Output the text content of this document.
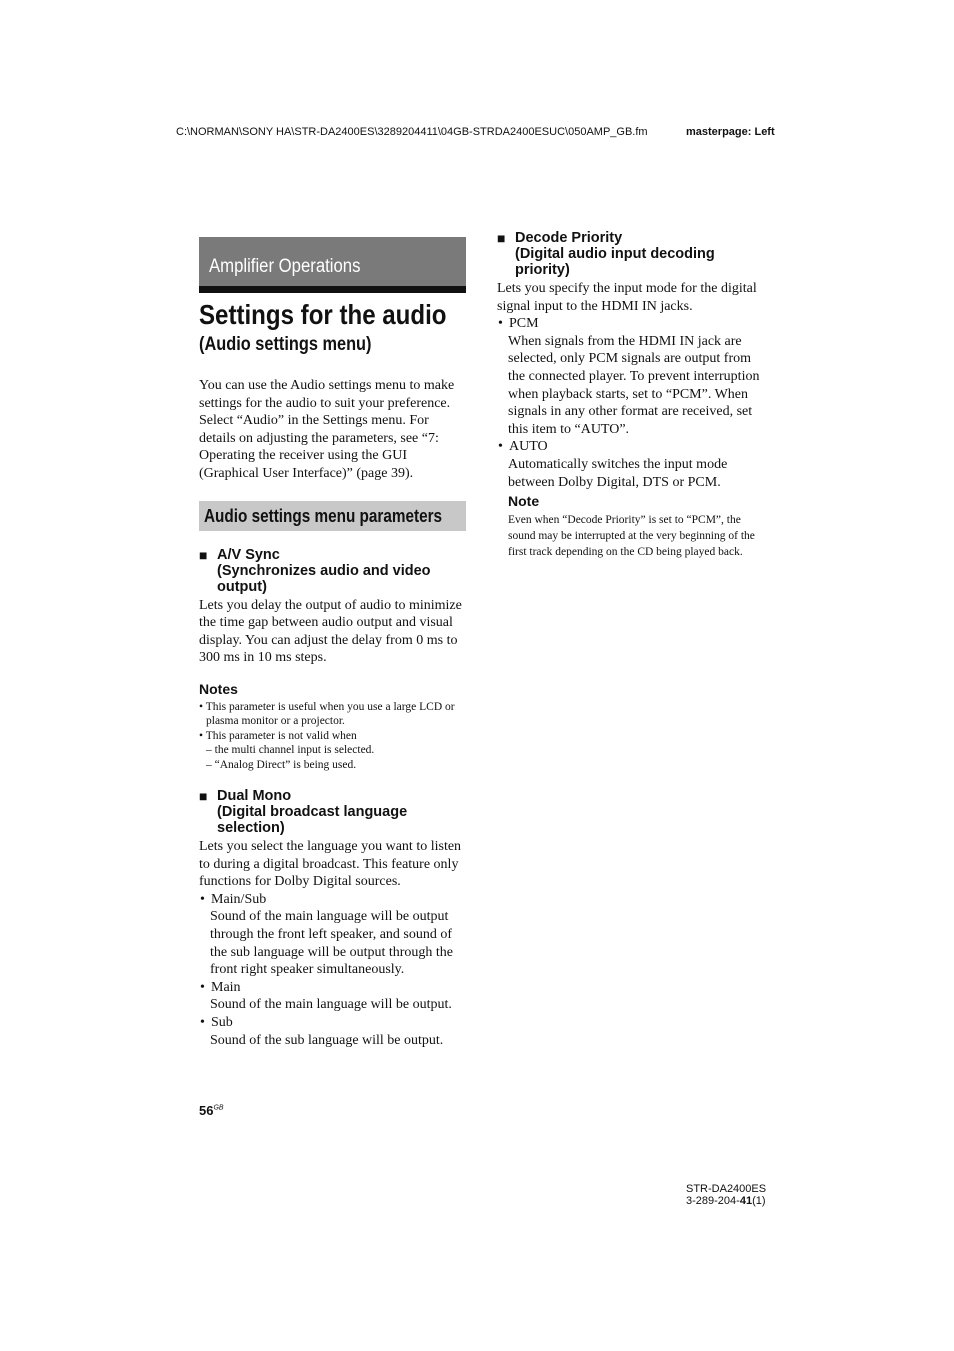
C:\NORMAN\SONY HA\STR-DA2400ES\3289204411\04GB-STRDA2400ESUC\050AMP_GB.fm	masterpage: Left
Amplifier Operations
Settings for the audio
(Audio settings menu)

You can use the Audio settings menu to make settings for the audio to suit your preference. Select “Audio” in the Settings menu. For details on adjusting the parameters, see “7: Operating the receiver using the GUI (Graphical User Interface)” (page 39).

Audio settings menu parameters
■ A/V Sync
(Synchronizes audio and video
output)

Lets you delay the output of audio to minimize the time gap between audio output and visual display. You can adjust the delay from 0 ms to 300 ms in 10 ms steps.

Notes

• This parameter is useful when you use a large LCD or plasma monitor or a projector.

• This parameter is not valid when

– the multi channel input is selected.

– “Analog Direct” is being used.

■ Dual Mono
(Digital broadcast language
selection)

Lets you select the language you want to listen to during a digital broadcast. This feature only functions for Dolby Digital sources.

• Main/Sub
Sound of the main language will be output through the front left speaker, and sound of the sub language will be output through the front right speaker simultaneously.
• Main
Sound of the main language will be output.
• Sub
Sound of the sub language will be output.
■ Decode Priority
(Digital audio input decoding
priority)

Lets you specify the input mode for the digital signal input to the HDMI IN jacks.

• PCM
When signals from the HDMI IN jack are selected, only PCM signals are output from the connected player. To prevent interruption when playback starts, set to “PCM”. When signals in any other format are received, set this item to “AUTO”.
• AUTO
Automatically switches the input mode between Dolby Digital, DTS or PCM.
Note

Even when “Decode Priority” is set to “PCM”, the sound may be interrupted at the very beginning of the first track depending on the CD being played back.

$56^{GB}$
STR-DA2400ES
3-289-204-41(1)
